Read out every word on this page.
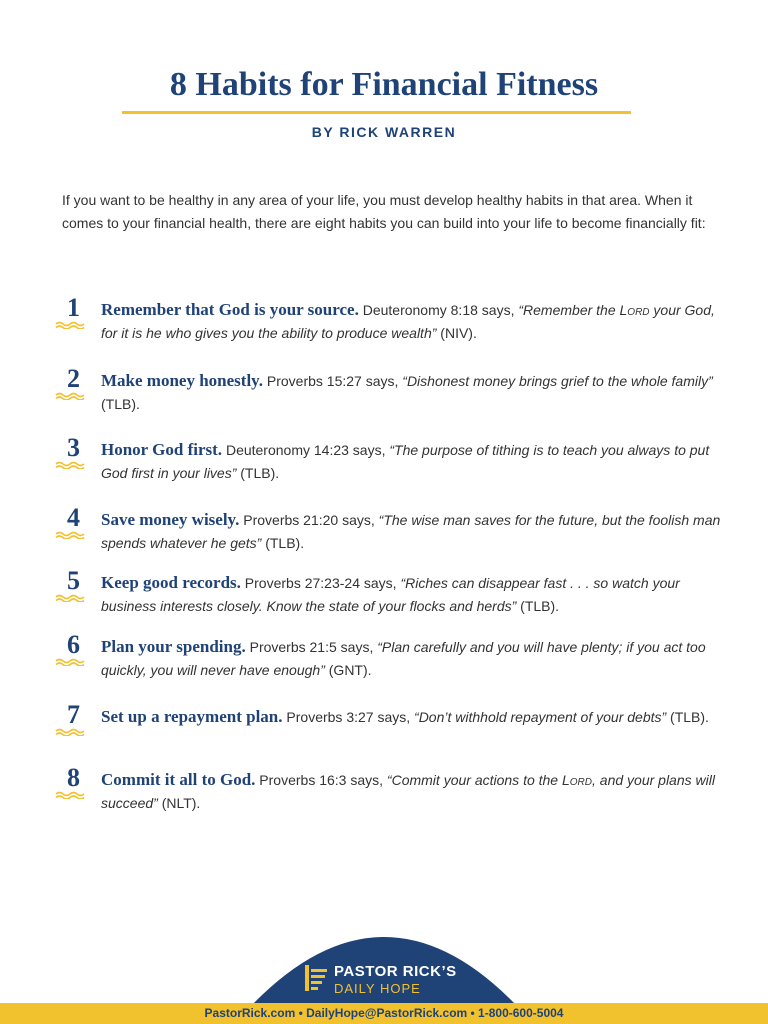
8 Habits for Financial Fitness
BY RICK WARREN

If you want to be healthy in any area of your life, you must develop healthy habits in that area. When it comes to your financial health, there are eight habits you can build into your life to become financially fit:

1 Remember that God is your source. Deuteronomy 8:18 says, “Remember the Lord your God, for it is he who gives you the ability to produce wealth” (NIV).
2 Make money honestly. Proverbs 15:27 says, “Dishonest money brings grief to the whole family” (TLB).
3 Honor God first. Deuteronomy 14:23 says, “The purpose of tithing is to teach you always to put God first in your lives” (TLB).
4 Save money wisely. Proverbs 21:20 says, “The wise man saves for the future, but the foolish man spends whatever he gets” (TLB).
5 Keep good records. Proverbs 27:23-24 says, “Riches can disappear fast . . . so watch your business interests closely. Know the state of your flocks and herds” (TLB).
6 Plan your spending. Proverbs 21:5 says, “Plan carefully and you will have plenty; if you act too quickly, you will never have enough” (GNT).
7 Set up a repayment plan. Proverbs 3:27 says, “Don’t withhold repayment of your debts” (TLB).
8 Commit it all to God. Proverbs 16:3 says, “Commit your actions to the Lord, and your plans will succeed” (NLT).
PASTOR RICK’S
DAILY HOPE
PastorRick.com • DailyHope@PastorRick.com • 1-800-600-5004
